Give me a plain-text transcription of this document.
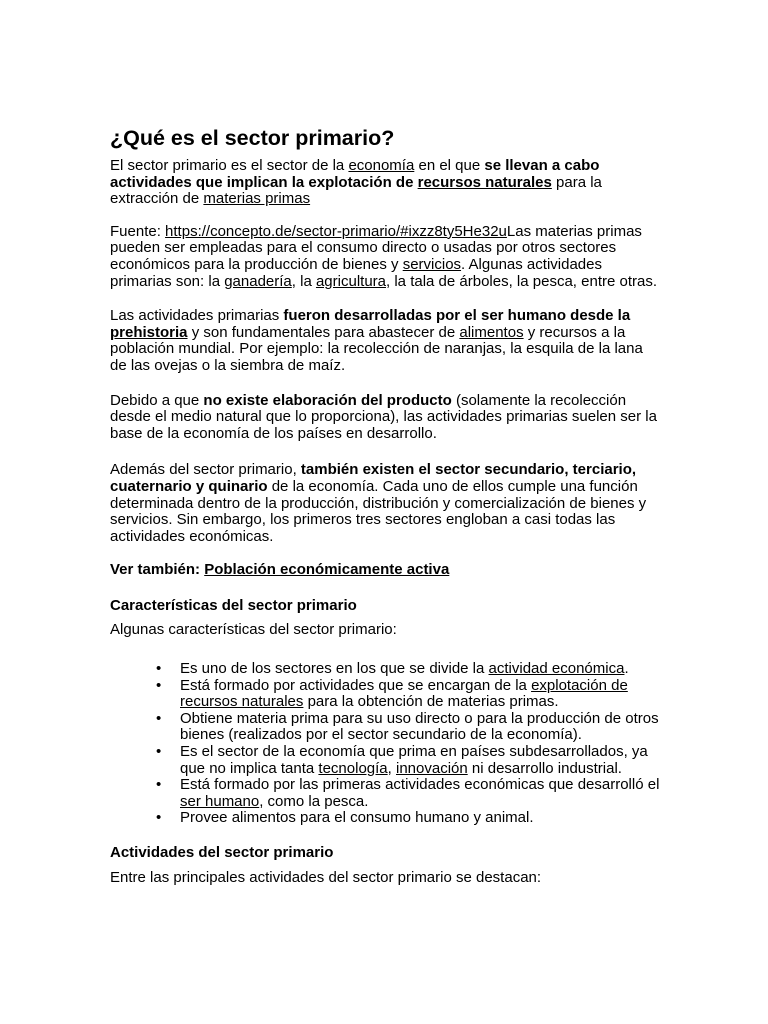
¿Qué es el sector primario?

El sector primario es el sector de la economía en el que se llevan a cabo actividades que implican la explotación de recursos naturales para la extracción de materias primas

Fuente: https://concepto.de/sector-primario/#ixzz8ty5He32uLas materias primas pueden ser empleadas para el consumo directo o usadas por otros sectores económicos para la producción de bienes y servicios. Algunas actividades primarias son: la ganadería, la agricultura, la tala de árboles, la pesca, entre otras.

Las actividades primarias fueron desarrolladas por el ser humano desde la prehistoria y son fundamentales para abastecer de alimentos y recursos a la población mundial. Por ejemplo: la recolección de naranjas, la esquila de la lana de las ovejas o la siembra de maíz.

Debido a que no existe elaboración del producto (solamente la recolección desde el medio natural que lo proporciona), las actividades primarias suelen ser la base de la economía de los países en desarrollo.

Además del sector primario, también existen el sector secundario, terciario, cuaternario y quinario de la economía. Cada uno de ellos cumple una función determinada dentro de la producción, distribución y comercialización de bienes y servicios. Sin embargo, los primeros tres sectores engloban a casi todas las actividades económicas.

Ver también: Población económicamente activa

Características del sector primario

Algunas características del sector primario:

• Es uno de los sectores en los que se divide la actividad económica.
• Está formado por actividades que se encargan de la explotación de recursos naturales para la obtención de materias primas.
• Obtiene materia prima para su uso directo o para la producción de otros bienes (realizados por el sector secundario de la economía).
• Es el sector de la economía que prima en países subdesarrollados, ya que no implica tanta tecnología, innovación ni desarrollo industrial.
• Está formado por las primeras actividades económicas que desarrolló el ser humano, como la pesca.
• Provee alimentos para el consumo humano y animal.

Actividades del sector primario

Entre las principales actividades del sector primario se destacan:
